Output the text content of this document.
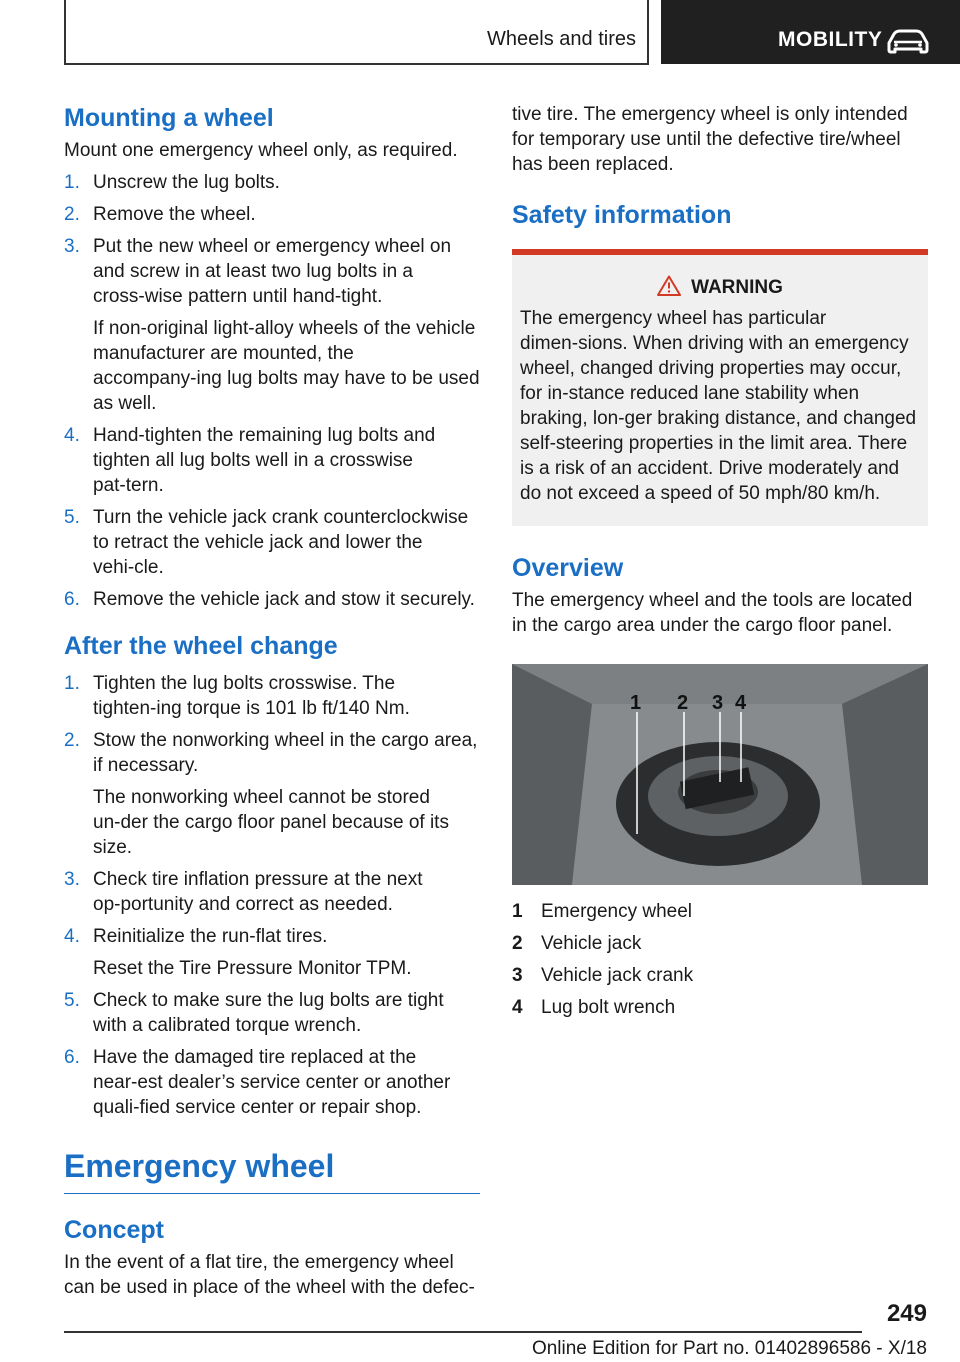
Wheels and tires	MOBILITY
Mounting a wheel

Mount one emergency wheel only, as required.

1. Unscrew the lug bolts.
2. Remove the wheel.
3. Put the new wheel or emergency wheel on and screw in at least two lug bolts in a cross‑wise pattern until hand‑tight.
If non‑original light‑alloy wheels of the vehicle manufacturer are mounted, the accompany‑ing lug bolts may have to be used as well.
4. Hand‑tighten the remaining lug bolts and tighten all lug bolts well in a crosswise pat‑tern.
5. Turn the vehicle jack crank counterclockwise to retract the vehicle jack and lower the vehi‑cle.
6. Remove the vehicle jack and stow it securely.
After the wheel change
1. Tighten the lug bolts crosswise. The tighten‑ing torque is 101 lb ft/140 Nm.
2. Stow the nonworking wheel in the cargo area, if necessary.
The nonworking wheel cannot be stored un‑der the cargo floor panel because of its size.
3. Check tire inflation pressure at the next op‑portunity and correct as needed.
4. Reinitialize the run‑flat tires.
Reset the Tire Pressure Monitor TPM.
5. Check to make sure the lug bolts are tight with a calibrated torque wrench.
6. Have the damaged tire replaced at the near‑est dealer’s service center or another quali‑fied service center or repair shop.
Emergency wheel
Concept

In the event of a flat tire, the emergency wheel can be used in place of the wheel with the defec‑

tive tire. The emergency wheel is only intended for temporary use until the defective tire/wheel has been replaced.

Safety information
WARNING

The emergency wheel has particular dimen‑sions. When driving with an emergency wheel, changed driving properties may occur, for in‑stance reduced lane stability when braking, lon‑ger braking distance, and changed self‑steering properties in the limit area. There is a risk of an accident. Drive moderately and do not exceed a speed of 50 mph/80 km/h.

Overview

The emergency wheel and the tools are located in the cargo area under the cargo floor panel.

1 2 3 4
1 Emergency wheel
2 Vehicle jack
3 Vehicle jack crank
4 Lug bolt wrench
249
Online Edition for Part no. 01402896586 - X/18
